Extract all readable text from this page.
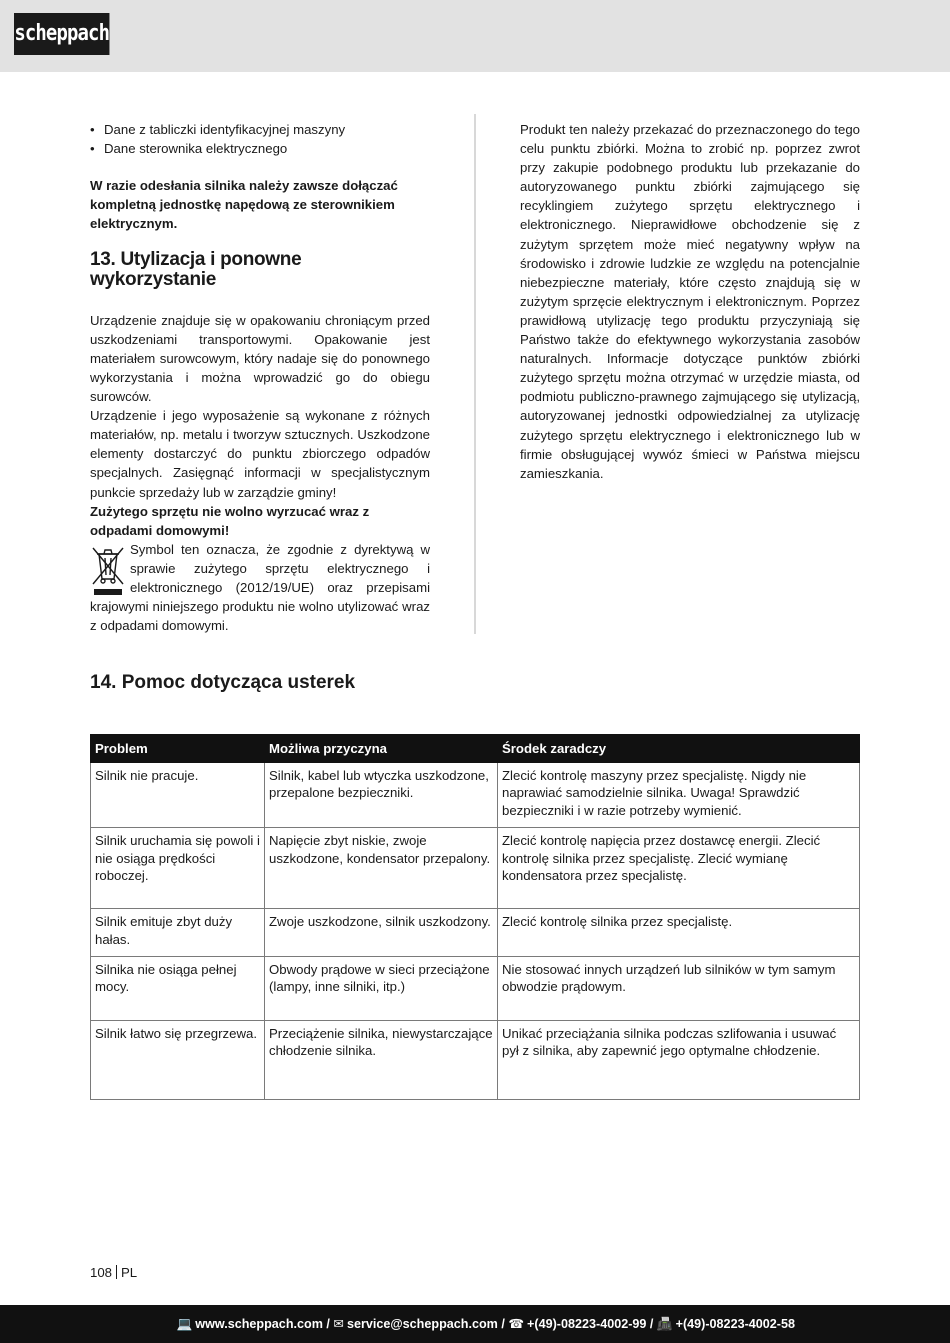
scheppach
• Dane z tabliczki identyfikacyjnej maszyny
• Dane sterownika elektrycznego

W razie odesłania silnika należy zawsze dołączać kompletną jednostkę napędową ze sterownikiem elektrycznym.

13. Utylizacja i ponowne wykorzystanie

Urządzenie znajduje się w opakowaniu chroniącym przed uszkodzeniami transportowymi. Opakowanie jest materiałem surowcowym, który nadaje się do ponownego wykorzystania i można wprowadzić go do obiegu surowców.

Urządzenie i jego wyposażenie są wykonane z różnych materiałów, np. metalu i tworzyw sztucznych. Uszkodzone elementy dostarczyć do punktu zbiorczego odpadów specjalnych. Zasięgnąć informacji w specjalistycznym punkcie sprzedaży lub w zarządzie gminy!

Zużytego sprzętu nie wolno wyrzucać wraz z odpadami domowymi!

Symbol ten oznacza, że zgodnie z dyrektywą w sprawie zużytego sprzętu elektrycznego i elektronicznego (2012/19/UE) oraz przepisami krajowymi niniejszego produktu nie wolno utylizować wraz z odpadami domowymi.

Produkt ten należy przekazać do przeznaczonego do tego celu punktu zbiórki. Można to zrobić np. poprzez zwrot przy zakupie podobnego produktu lub przekazanie do autoryzowanego punktu zbiórki zajmującego się recyklingiem zużytego sprzętu elektrycznego i elektronicznego. Nieprawidłowe obchodzenie się z zużytym sprzętem może mieć negatywny wpływ na środowisko i zdrowie ludzkie ze względu na potencjalnie niebezpieczne materiały, które często znajdują się w zużytym sprzęcie elektrycznym i elektronicznym. Poprzez prawidłową utylizację tego produktu przyczyniają się Państwo także do efektywnego wykorzystania zasobów naturalnych. Informacje dotyczące punktów zbiórki zużytego sprzętu można otrzymać w urzędzie miasta, od podmiotu publiczno-prawnego zajmującego się utylizacją, autoryzowanej jednostki odpowiedzialnej za utylizację zużytego sprzętu elektrycznego i elektronicznego lub w firmie obsługującej wywóz śmieci w Państwa miejscu zamieszkania.

14. Pomoc dotycząca usterek
Problem	Możliwa przyczyna	Środek zaradczy
Silnik nie pracuje.	Silnik, kabel lub wtyczka uszkodzone, przepalone bezpieczniki.	Zlecić kontrolę maszyny przez specjalistę. Nigdy nie naprawiać samodzielnie silnika. Uwaga! Sprawdzić bezpieczniki i w razie potrzeby wymienić.
Silnik uruchamia się powoli i nie osiąga prędkości roboczej.	Napięcie zbyt niskie, zwoje uszkodzone, kondensator przepalony.	Zlecić kontrolę napięcia przez dostawcę energii. Zlecić kontrolę silnika przez specjalistę. Zlecić wymianę kondensatora przez specjalistę.
Silnik emituje zbyt duży hałas.	Zwoje uszkodzone, silnik uszkodzony.	Zlecić kontrolę silnika przez specjalistę.
Silnika nie osiąga pełnej mocy.	Obwody prądowe w sieci przeciążone (lampy, inne silniki, itp.)	Nie stosować innych urządzeń lub silników w tym samym obwodzie prądowym.
Silnik łatwo się przegrzewa.	Przeciążenie silnika, niewystarczające chłodzenie silnika.	Unikać przeciążania silnika podczas szlifowania i usuwać pył z silnika, aby zapewnić jego optymalne chłodzenie.
108 PL
💻 www.scheppach.com / ✉ service@scheppach.com / ☎ +(49)-08223-4002-99 / 📠 +(49)-08223-4002-58
